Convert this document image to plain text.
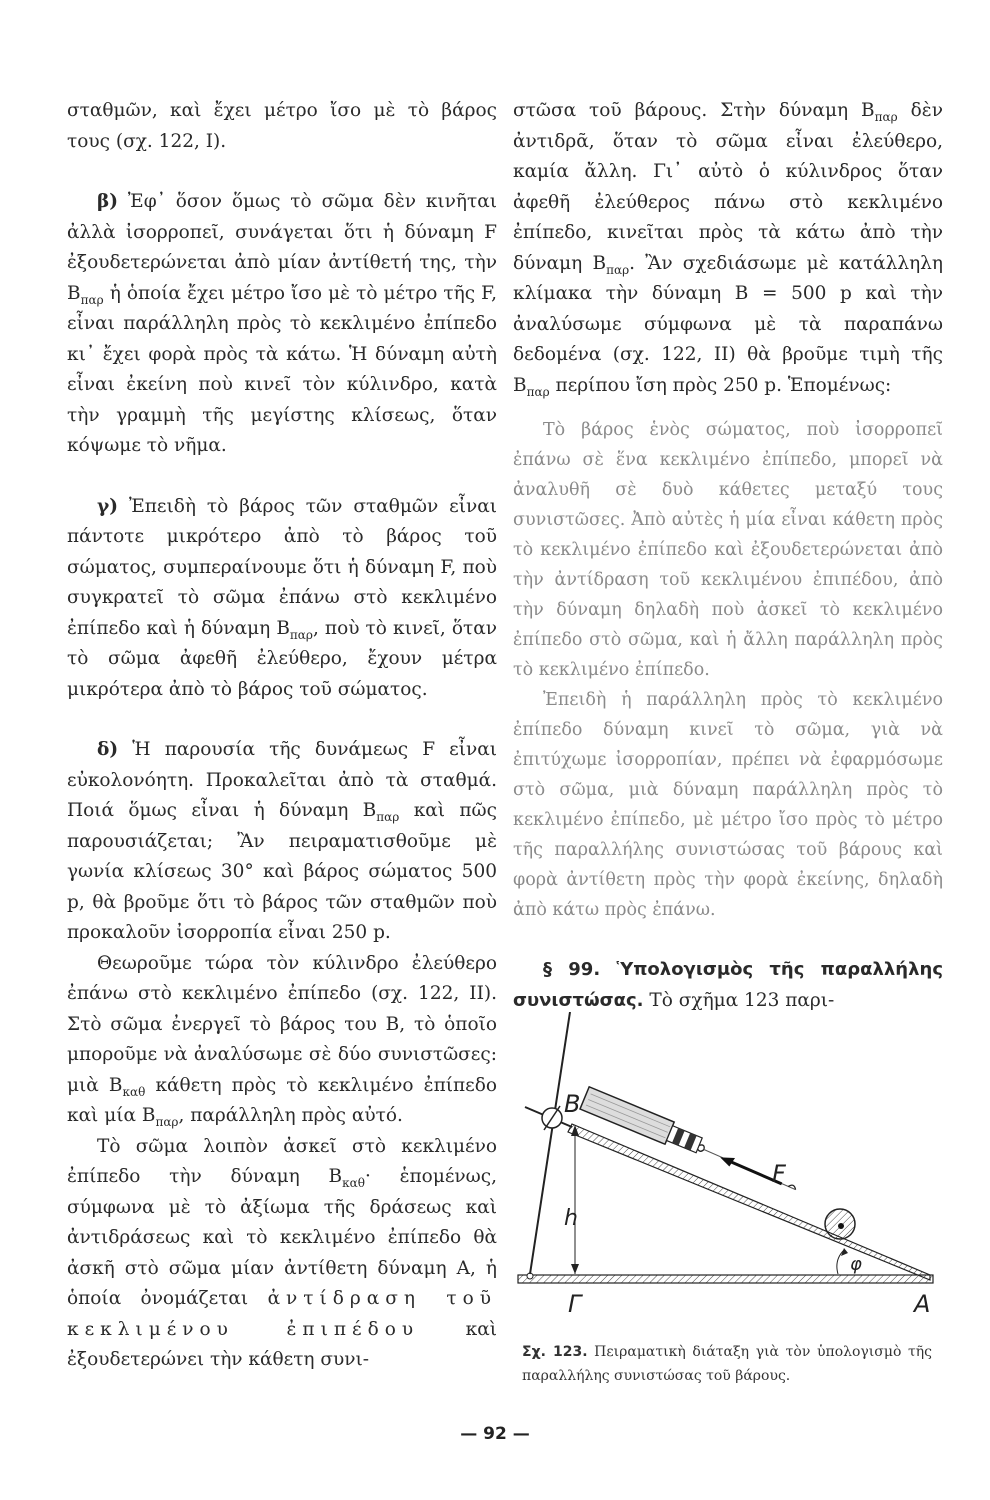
σταθμῶν, καὶ ἔχει μέτρο ἴσο μὲ τὸ βάρος τους (σχ. 122, Ι).

β) Ἐφ᾽ ὅσον ὅμως τὸ σῶμα δὲν κινῆται ἀλλὰ ἰσορροπεῖ, συνάγεται ὅτι ἡ δύναμη F ἐξουδετερώνεται ἀπὸ μίαν ἀντίθετή της, τὴν $B_{\pi\alpha\rho}$ ἡ ὁποία ἔχει μέτρο ἴσο μὲ τὸ μέτρο τῆς F, εἶναι παράλληλη πρὸς τὸ κεκλιμένο ἐπίπεδο κι᾽ ἔχει φορὰ πρὸς τὰ κάτω. Ἡ δύναμη αὐτὴ εἶναι ἐκείνη ποὺ κινεῖ τὸν κύλινδρο, κατὰ τὴν γραμμὴ τῆς μεγίστης κλίσεως, ὅταν κόψωμε τὸ νῆμα.

γ) Ἐπειδὴ τὸ βάρος τῶν σταθμῶν εἶναι πάντοτε μικρότερο ἀπὸ τὸ βάρος τοῦ σώματος, συμπεραίνουμε ὅτι ἡ δύναμη F, ποὺ συγκρατεῖ τὸ σῶμα ἐπάνω στὸ κεκλιμένο ἐπίπεδο καὶ ἡ δύναμη $B_{\pi\alpha\rho}$, ποὺ τὸ κινεῖ, ὅταν τὸ σῶμα ἀφεθῆ ἐλεύθερο, ἔχουν μέτρα μικρότερα ἀπὸ τὸ βάρος τοῦ σώματος.

δ) Ἡ παρουσία τῆς δυνάμεως F εἶναι εὐκολονόητη. Προκαλεῖται ἀπὸ τὰ σταθμά. Ποιά ὅμως εἶναι ἡ δύναμη $B_{\pi\alpha\rho}$ καὶ πῶς παρουσιάζεται; Ἂν πειραματισθοῦμε μὲ γωνία κλίσεως 30° καὶ βάρος σώματος 500 p, θὰ βροῦμε ὅτι τὸ βάρος τῶν σταθμῶν ποὺ προκαλοῦν ἰσορροπία εἶναι 250 p.

Θεωροῦμε τώρα τὸν κύλινδρο ἐλεύθερο ἐπάνω στὸ κεκλιμένο ἐπίπεδο (σχ. 122, ΙΙ). Στὸ σῶμα ἐνεργεῖ τὸ βάρος του B, τὸ ὁποῖο μποροῦμε νὰ ἀναλύσωμε σὲ δύο συνιστῶσες: μιὰ $B_{\kappa\alpha\theta}$ κάθετη πρὸς τὸ κεκλιμένο ἐπίπεδο καὶ μία $B_{\pi\alpha\rho}$, παράλληλη πρὸς αὐτό.

Τὸ σῶμα λοιπὸν ἀσκεῖ στὸ κεκλιμένο ἐπίπεδο τὴν δύναμη $B_{\kappa\alpha\theta}\cdot$ ἑπομένως, σύμφωνα μὲ τὸ ἀξίωμα τῆς δράσεως καὶ ἀντιδράσεως καὶ τὸ κεκλιμένο ἐπίπεδο θὰ ἀσκῆ στὸ σῶμα μίαν ἀντίθετη δύναμη A, ἡ ὁποία ὀνομάζεται ἀντίδραση τοῦ κεκλιμένου ἐπιπέδου καὶ ἐξουδετερώνει τὴν κάθετη συνι-

στῶσα τοῦ βάρους. Στὴν δύναμη $B_{\pi\alpha\rho}$ δὲν ἀντιδρᾶ, ὅταν τὸ σῶμα εἶναι ἐλεύθερο, καμία ἄλλη. Γι᾽ αὐτὸ ὁ κύλινδρος ὅταν ἀφεθῆ ἐλεύθερος πάνω στὸ κεκλιμένο ἐπίπεδο, κινεῖται πρὸς τὰ κάτω ἀπὸ τὴν δύναμη $B_{\pi\alpha\rho}$. Ἂν σχεδιάσωμε μὲ κατάλληλη κλίμακα τὴν δύναμη B = 500 p καὶ τὴν ἀναλύσωμε σύμφωνα μὲ τὰ παραπάνω δεδομένα (σχ. 122, ΙΙ) θὰ βροῦμε τιμὴ τῆς $B_{\pi\alpha\rho}$ περίπου ἴση πρὸς 250 p. Ἑπομένως:

Τὸ βάρος ἑνὸς σώματος, ποὺ ἰσορροπεῖ ἐπάνω σὲ ἕνα κεκλιμένο ἐπίπεδο, μπορεῖ νὰ ἀναλυθῆ σὲ δυὸ κάθετες μεταξύ τους συνιστῶσες. Ἀπὸ αὐτὲς ἡ μία εἶναι κάθετη πρὸς τὸ κεκλιμένο ἐπίπεδο καὶ ἐξουδετερώνεται ἀπὸ τὴν ἀντίδραση τοῦ κεκλιμένου ἐπιπέδου, ἀπὸ τὴν δύναμη δηλαδὴ ποὺ ἀσκεῖ τὸ κεκλιμένο ἐπίπεδο στὸ σῶμα, καὶ ἡ ἄλλη παράλληλη πρὸς τὸ κεκλιμένο ἐπίπεδο.

Ἐπειδὴ ἡ παράλληλη πρὸς τὸ κεκλιμένο ἐπίπεδο δύναμη κινεῖ τὸ σῶμα, γιὰ νὰ ἐπιτύχωμε ἰσορροπίαν, πρέπει νὰ ἐφαρμόσωμε στὸ σῶμα, μιὰ δύναμη παράλληλη πρὸς τὸ κεκλιμένο ἐπίπεδο, μὲ μέτρο ἴσο πρὸς τὸ μέτρο τῆς παραλλήλης συνιστώσας τοῦ βάρους καὶ φορὰ ἀντίθετη πρὸς τὴν φορὰ ἐκείνης, δηλαδὴ ἀπὸ κάτω πρὸς ἐπάνω.

§ 99. Ὑπολογισμὸς τῆς παραλλήλης συνιστώσας. Τὸ σχῆμα 123 παρι-

B
F
h
Γ	A
φ
Σχ. 123. Πειραματικὴ διάταξη γιὰ τὸν ὑπολογισμὸ τῆς παραλλήλης συνιστώσας τοῦ βάρους.
— 92 —
